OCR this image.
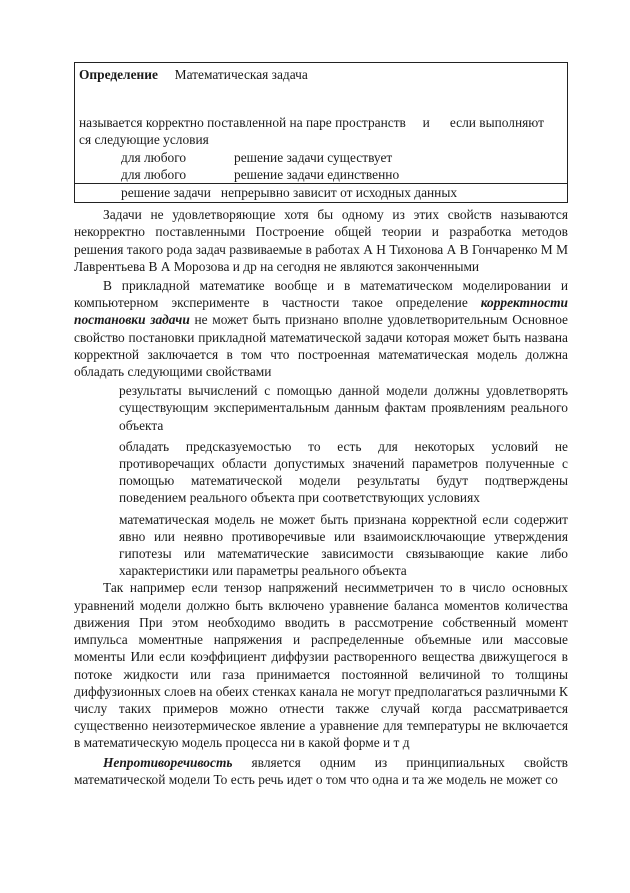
Определение Математическая задача
называется корректно поставленной на паре пространств     и      если выполняют
ся следующие условия
для любого	решение задачи существует
для любого	решение задачи единственно
решение задачи непрерывно зависит от исходных данных

Задачи не удовлетворяющие хотя бы одному из этих свойств называются некорректно поставленными Построение общей теории и разработка методов решения такого рода задач развиваемые в работах А Н Тихонова А В Гончаренко М М Лаврентьева В А Морозова и др на сегодня не являются законченными

В прикладной математике вообще и в математическом моделировании и компьютерном эксперименте в частности такое определение корректности постановки задачи не может быть признано вполне удовлетворительным Основное свойство постановки прикладной математической задачи которая может быть названа корректной заключается в том что построенная математическая модель должна обладать следующими свойствами

результаты вычислений с помощью данной модели должны удовлетворять существующим экспериментальным данным фактам проявлениям реального объекта
обладать предсказуемостью то есть для некоторых условий не противоречащих области допустимых значений параметров полученные с помощью математической модели результаты будут подтверждены поведением реального объекта при соответствующих условиях
математическая модель не может быть признана корректной если содержит явно или неявно противоречивые или взаимоисключающие утверждения гипотезы или математические зависимости связывающие какие либо характеристики или параметры реального объекта

Так например если тензор напряжений несимметричен то в число основных уравнений модели должно быть включено уравнение баланса моментов количества движения При этом необходимо вводить в рассмотрение собственный момент импульса моментные напряжения и распределенные объемные или массовые моменты Или если коэффициент диффузии растворенного вещества движущегося в потоке жидкости или газа принимается постоянной величиной то толщины диффузионных слоев на обеих стенках канала не могут предполагаться различными К числу таких примеров можно отнести также случай когда рассматривается существенно неизотермическое явление а уравнение для температуры не включается в математическую модель процесса ни в какой форме и т д

Непротиворечивость является одним из принципиальных свойств математической модели То есть речь идет о том что одна и та же модель не может со
